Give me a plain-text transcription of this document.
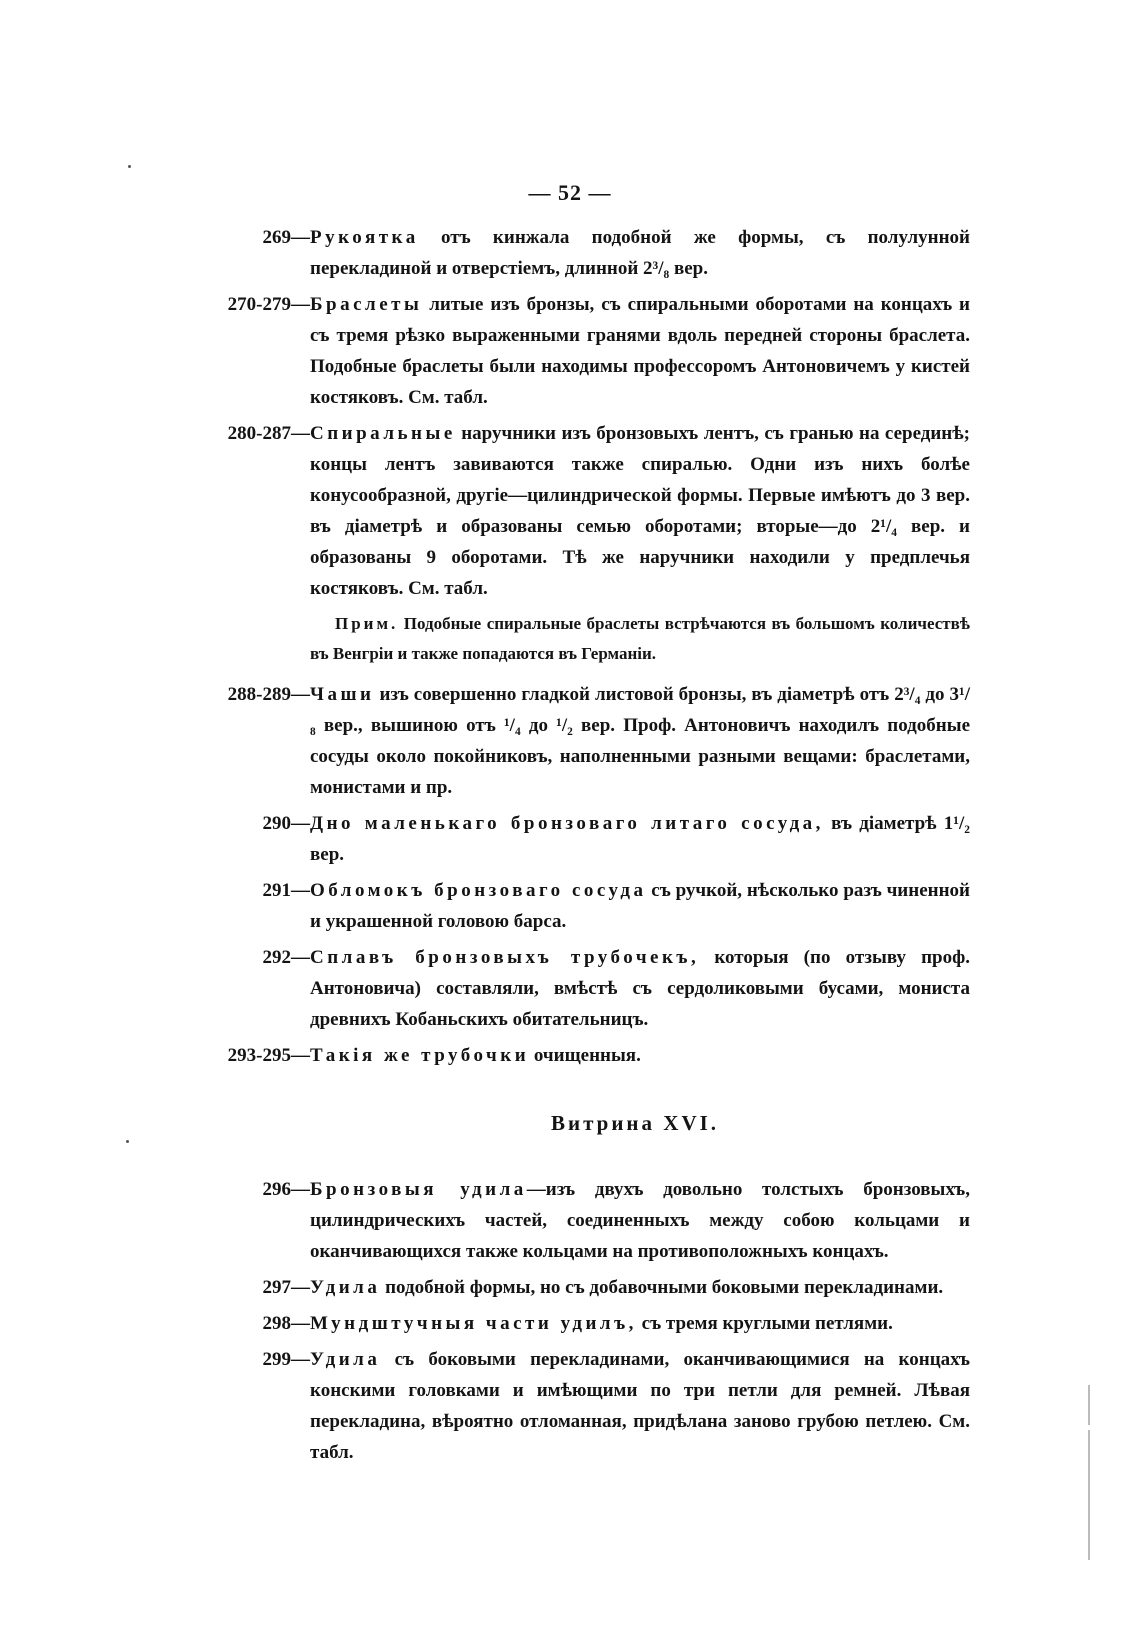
— 52 —
269— Рукоятка отъ кинжала подобной же формы, съ полулунной перекладиной и отверстіемъ, длинной 2³/₈ вер.
270-279— Браслеты литые изъ бронзы, съ спиральными оборотами на концахъ и съ тремя рѣзко выраженными гранями вдоль передней стороны браслета. Подобные браслеты были находимы профессоромъ Антоновичемъ у кистей костяковъ. См. табл.
280-287— Спиральные наручники изъ бронзовыхъ лентъ, съ гранью на серединѣ; концы лентъ завиваются также спиралью. Одни изъ нихъ болѣе конусообразной, другіе—цилиндрической формы. Первые имѣютъ до 3 вер. въ діаметрѣ и образованы семью оборотами; вторые—до 2¹/₄ вер. и образованы 9 оборотами. Тѣ же наручники находили у предплечья костяковъ. См. табл.
Прим. Подобные спиральные браслеты встрѣчаются въ большомъ количествѣ въ Венгріи и также попадаются въ Германіи.
288-289— Чаши изъ совершенно гладкой листовой бронзы, въ діаметрѣ отъ 2³/₄ до 3¹/₈ вер., вышиною отъ ¹/₄ до ¹/₂ вер. Проф. Антоновичъ находилъ подобные сосуды около покойниковъ, наполненными разными вещами: браслетами, монистами и пр.
290— Дно маленькаго бронзоваго литаго сосуда, въ діаметрѣ 1¹/₂ вер.
291— Обломокъ бронзоваго сосуда съ ручкой, нѣсколько разъ чиненной и украшенной головою барса.
292— Сплавъ бронзовыхъ трубочекъ, которыя (по отзыву проф. Антоновича) составляли, вмѣстѣ съ сердоликовыми бусами, мониста древнихъ Кобаньскихъ обитательницъ.
293-295— Такія же трубочки очищенныя.
Витрина XVI.
296— Бронзовыя удила—изъ двухъ довольно толстыхъ бронзовыхъ, цилиндрическихъ частей, соединенныхъ между собою кольцами и оканчивающихся также кольцами на противоположныхъ концахъ.
297— Удила подобной формы, но съ добавочными боковыми перекладинами.
298— Мундштучныя части удилъ, съ тремя круглыми петлями.
299— Удила съ боковыми перекладинами, оканчивающимися на концахъ конскими головками и имѣющими по три петли для ремней. Лѣвая перекладина, вѣроятно отломанная, придѣлана заново грубою петлею. См. табл.
